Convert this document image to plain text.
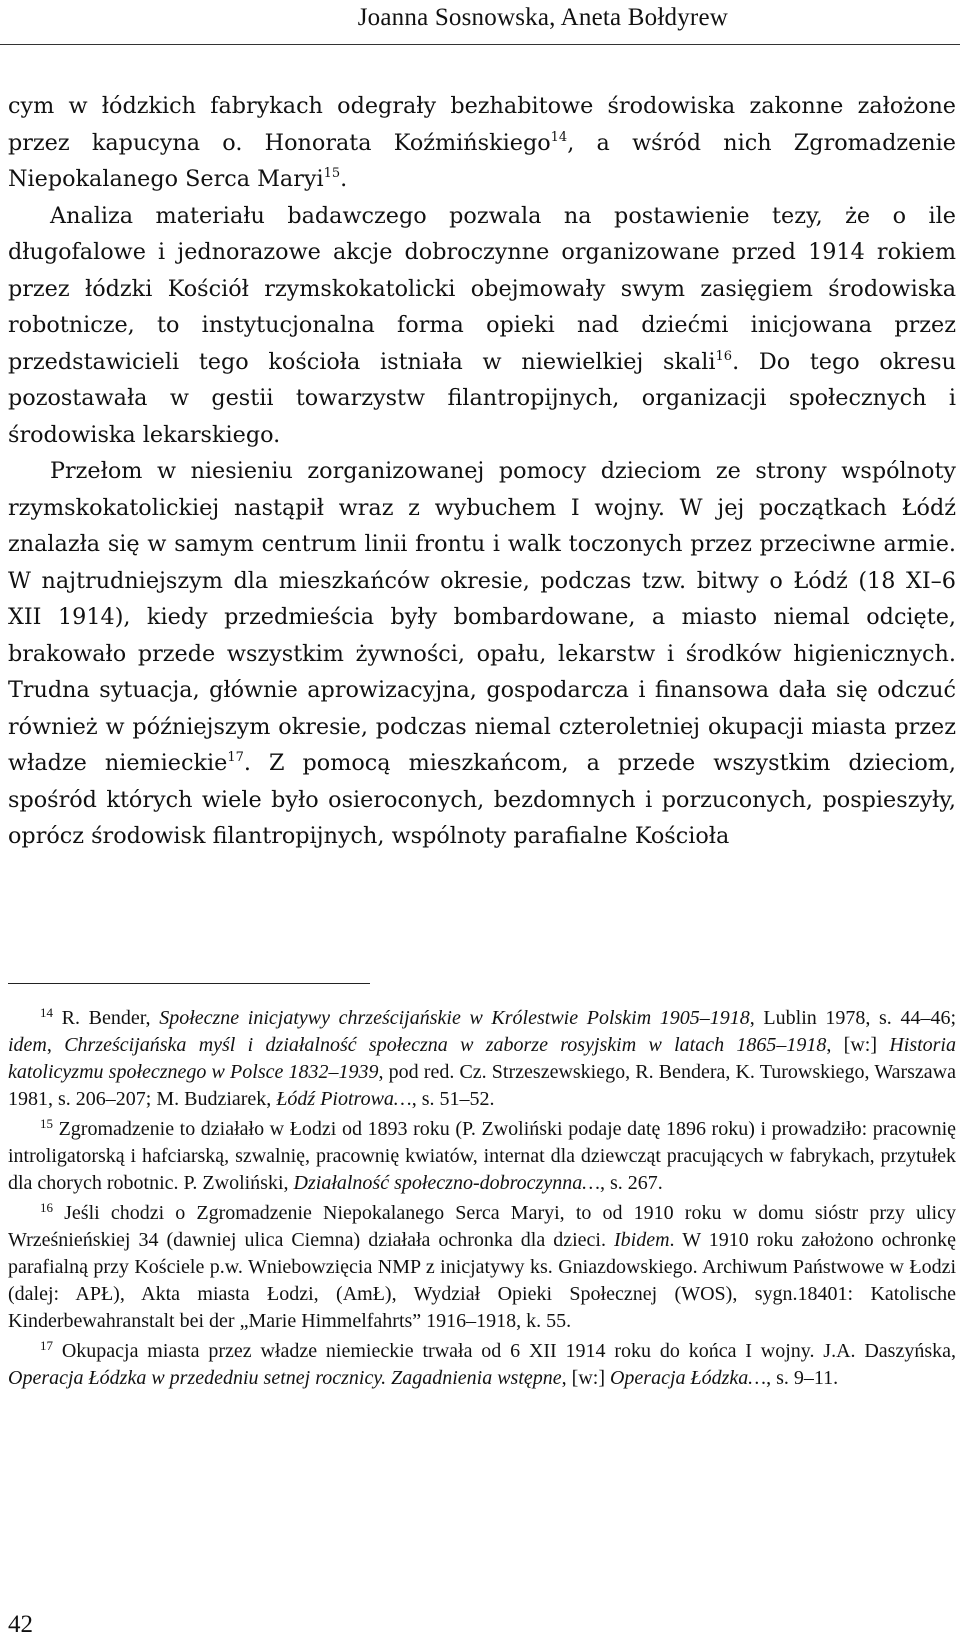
Joanna Sosnowska, Aneta Bołdyrew

cym w łódzkich fabrykach odegrały bezhabitowe środowiska zakonne założone przez kapucyna o. Honorata Koźmińskiego$^{14}$, a wśród nich Zgromadzenie Niepokalanego Serca Maryi$^{15}$.

Analiza materiału badawczego pozwala na postawienie tezy, że o ile długofalowe i jednorazowe akcje dobroczynne organizowane przed 1914 rokiem przez łódzki Kościół rzymskokatolicki obejmowały swym zasięgiem środowiska robotnicze, to instytucjonalna forma opieki nad dziećmi inicjowana przez przedstawicieli tego kościoła istniała w niewielkiej skali$^{16}$. Do tego okresu pozostawała w gestii towarzystw filantropijnych, organizacji społecznych i środowiska lekarskiego.

Przełom w niesieniu zorganizowanej pomocy dzieciom ze strony wspólnoty rzymskokatolickiej nastąpił wraz z wybuchem I wojny. W jej początkach Łódź znalazła się w samym centrum linii frontu i walk toczonych przez przeciwne armie. W najtrudniejszym dla mieszkańców okresie, podczas tzw. bitwy o Łódź (18 XI–6 XII 1914), kiedy przedmieścia były bombardowane, a miasto niemal odcięte, brakowało przede wszystkim żywności, opału, lekarstw i środków higienicznych. Trudna sytuacja, głównie aprowizacyjna, gospodarcza i finansowa dała się odczuć również w późniejszym okresie, podczas niemal czteroletniej okupacji miasta przez władze niemieckie$^{17}$. Z pomocą mieszkańcom, a przede wszystkim dzieciom, spośród których wiele było osieroconych, bezdomnych i porzuconych, pospieszyły, oprócz środowisk filantropijnych, wspólnoty parafialne Kościoła

$^{14}$ R. Bender, Społeczne inicjatywy chrześcijańskie w Królestwie Polskim 1905–1918, Lublin 1978, s. 44–46; idem, Chrześcijańska myśl i działalność społeczna w zaborze rosyjskim w latach 1865–1918, [w:] Historia katolicyzmu społecznego w Polsce 1832–1939, pod red. Cz. Strzeszewskiego, R. Bendera, K. Turowskiego, Warszawa 1981, s. 206–207; M. Budziarek, Łódź Piotrowa…, s. 51–52.

$^{15}$ Zgromadzenie to działało w Łodzi od 1893 roku (P. Zwoliński podaje datę 1896 roku) i prowadziło: pracownię introligatorską i hafciarską, szwalnię, pracownię kwiatów, internat dla dziewcząt pracujących w fabrykach, przytułek dla chorych robotnic. P. Zwoliński, Działalność społeczno-dobroczynna…, s. 267.

$^{16}$ Jeśli chodzi o Zgromadzenie Niepokalanego Serca Maryi, to od 1910 roku w domu sióstr przy ulicy Wrześnieńskiej 34 (dawniej ulica Ciemna) działała ochronka dla dzieci. Ibidem. W 1910 roku założono ochronkę parafialną przy Kościele p.w. Wniebowzięcia NMP z inicjatywy ks. Gniazdowskiego. Archiwum Państwowe w Łodzi (dalej: APŁ), Akta miasta Łodzi, (AmŁ), Wydział Opieki Społecznej (WOS), sygn.18401: Katolische Kinderbewahranstalt bei der „Marie Himmelfahrts” 1916–1918, k. 55.

$^{17}$ Okupacja miasta przez władze niemieckie trwała od 6 XII 1914 roku do końca I wojny. J.A. Daszyńska, Operacja Łódzka w przededniu setnej rocznicy. Zagadnienia wstępne, [w:] Operacja Łódzka…, s. 9–11.

42
